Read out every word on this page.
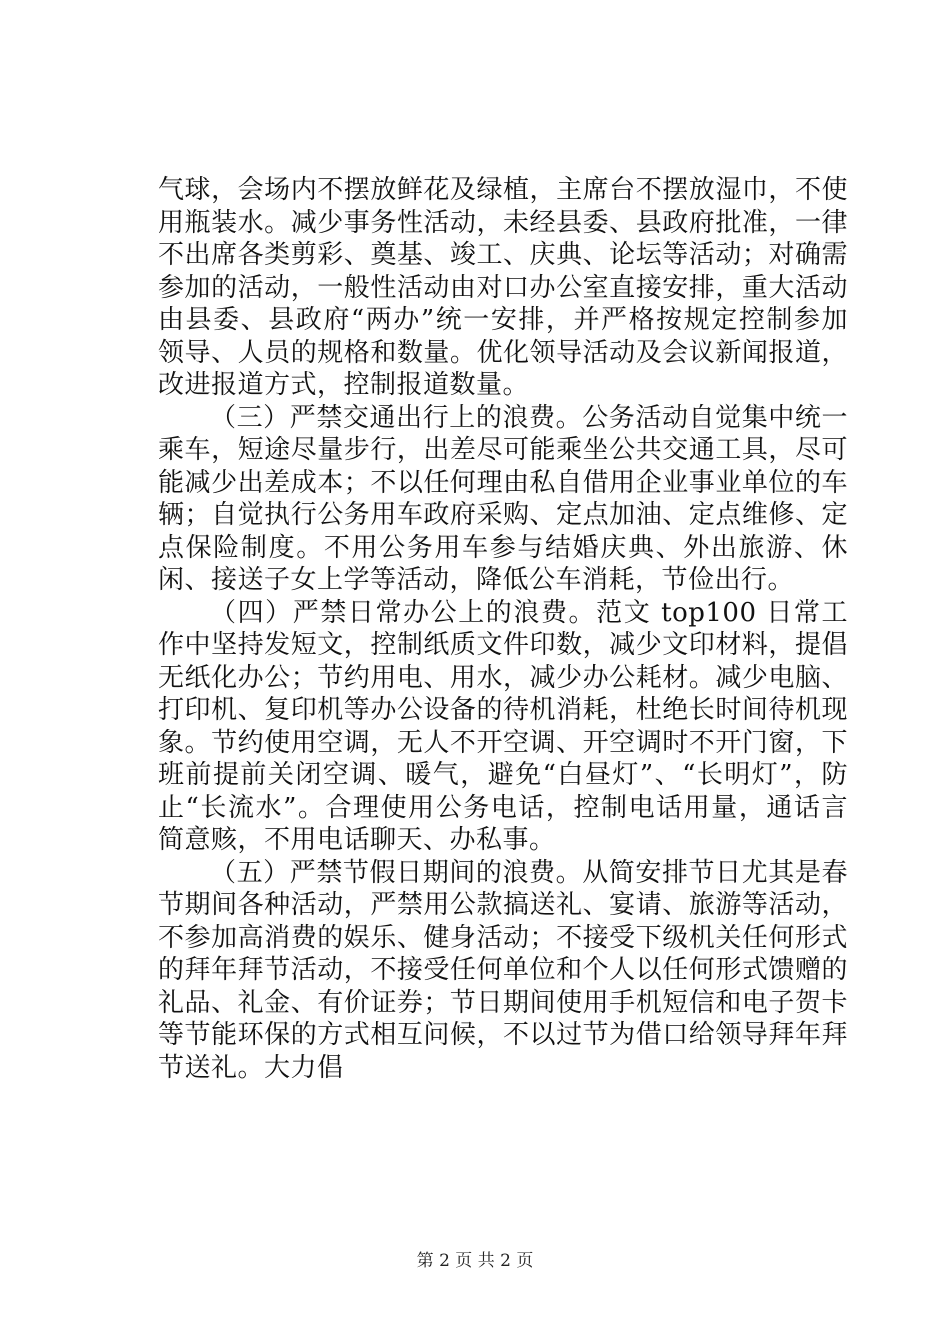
气球，会场内不摆放鲜花及绿植，主席台不摆放湿巾，不使用瓶装水。减少事务性活动，未经县委、县政府批准，一律不出席各类剪彩、奠基、竣工、庆典、论坛等活动；对确需参加的活动，一般性活动由对口办公室直接安排，重大活动由县委、县政府“两办”统一安排，并严格按规定控制参加领导、人员的规格和数量。优化领导活动及会议新闻报道，改进报道方式，控制报道数量。

（三）严禁交通出行上的浪费。公务活动自觉集中统一乘车，短途尽量步行，出差尽可能乘坐公共交通工具，尽可能减少出差成本；不以任何理由私自借用企业事业单位的车辆；自觉执行公务用车政府采购、定点加油、定点维修、定点保险制度。不用公务用车参与结婚庆典、外出旅游、休闲、接送子女上学等活动，降低公车消耗，节俭出行。

（四）严禁日常办公上的浪费。范文 top100 日常工作中坚持发短文，控制纸质文件印数，减少文印材料，提倡无纸化办公；节约用电、用水，减少办公耗材。减少电脑、打印机、复印机等办公设备的待机消耗，杜绝长时间待机现象。节约使用空调，无人不开空调、开空调时不开门窗，下班前提前关闭空调、暖气，避免“白昼灯”、“长明灯”，防止“长流水”。合理使用公务电话，控制电话用量，通话言简意赅，不用电话聊天、办私事。

（五）严禁节假日期间的浪费。从简安排节日尤其是春节期间各种活动，严禁用公款搞送礼、宴请、旅游等活动，不参加高消费的娱乐、健身活动；不接受下级机关任何形式的拜年拜节活动，不接受任何单位和个人以任何形式馈赠的礼品、礼金、有价证券；节日期间使用手机短信和电子贺卡等节能环保的方式相互问候，不以过节为借口给领导拜年拜节送礼。大力倡

第 2 页 共 2 页
